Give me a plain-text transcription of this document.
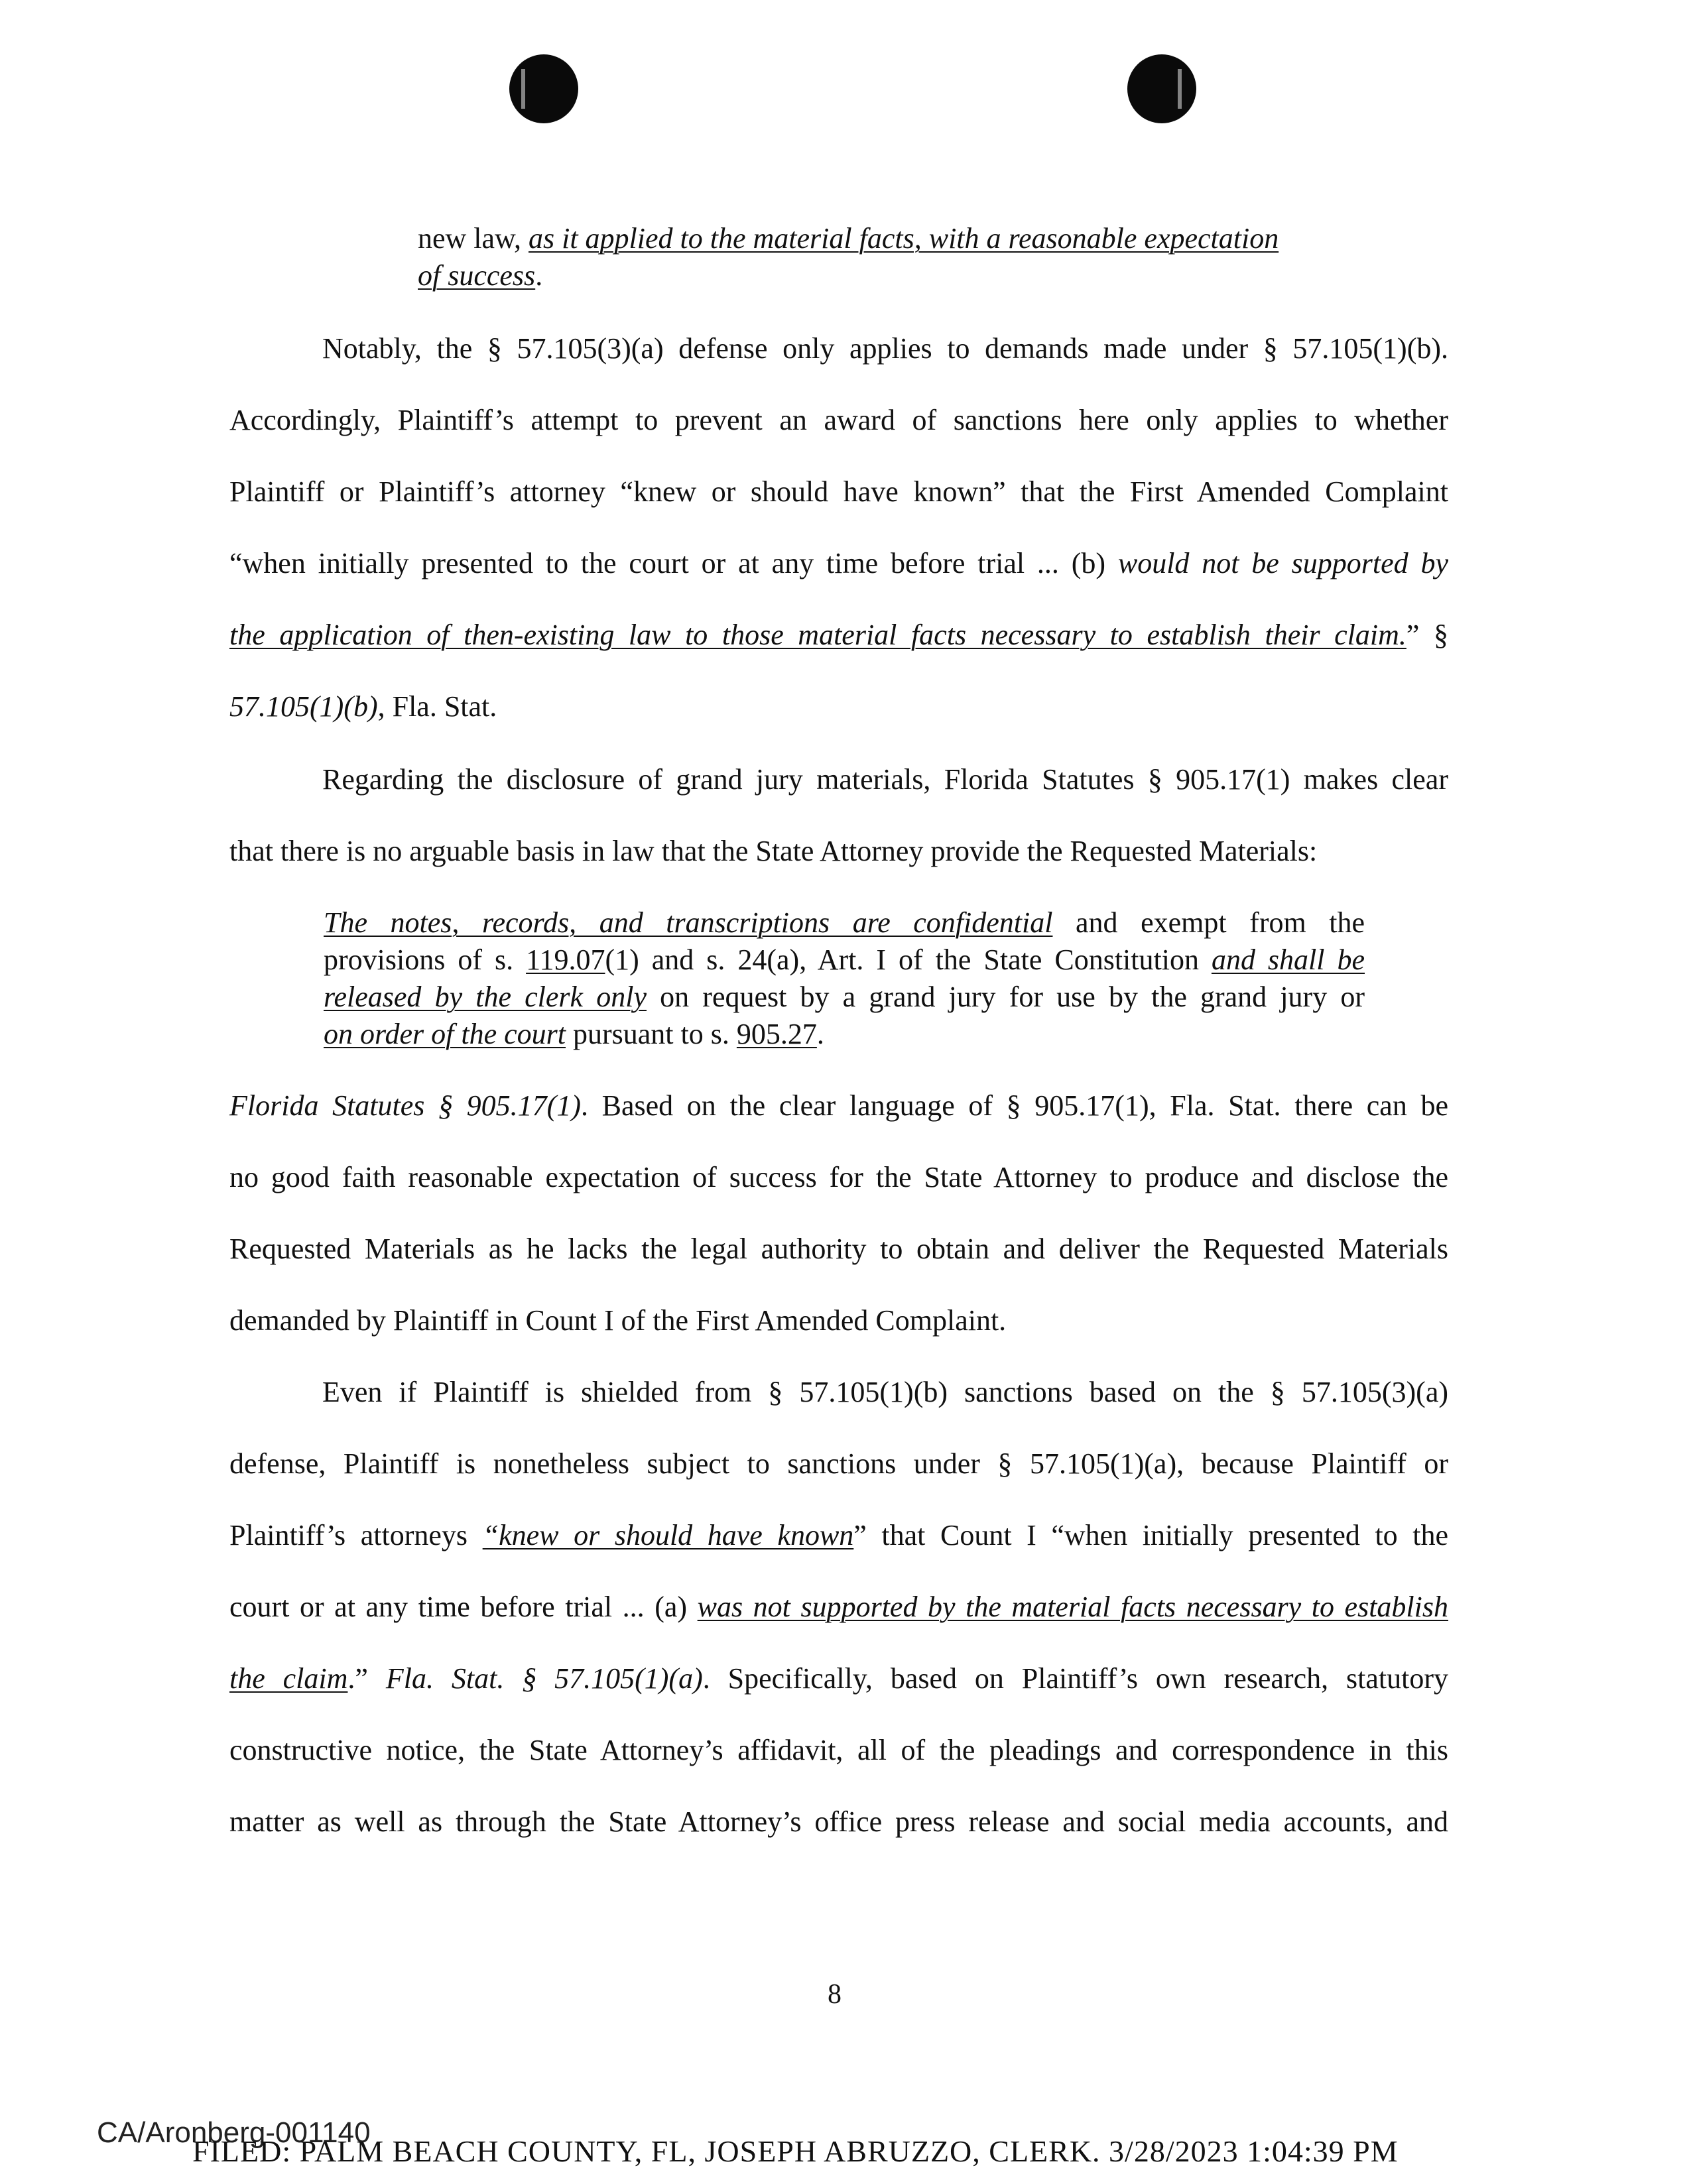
new law, as it applied to the material facts, with a reasonable expectation
of success.
Notably, the § 57.105(3)(a) defense only applies to demands made under § 57.105(1)(b).
Accordingly, Plaintiff’s attempt to prevent an award of sanctions here only applies to whether
Plaintiff or Plaintiff’s attorney “knew or should have known” that the First Amended Complaint
“when initially presented to the court or at any time before trial ... (b) would not be supported by
the application of then-existing law to those material facts necessary to establish their claim.” §
57.105(1)(b), Fla. Stat.
Regarding the disclosure of grand jury materials, Florida Statutes § 905.17(1) makes clear
that there is no arguable basis in law that the State Attorney provide the Requested Materials:
The notes, records, and transcriptions are confidential and exempt from the
provisions of s. 119.07(1) and s. 24(a), Art. I of the State Constitution and shall be
released by the clerk only on request by a grand jury for use by the grand jury or
on order of the court pursuant to s. 905.27.
Florida Statutes § 905.17(1). Based on the clear language of § 905.17(1), Fla. Stat. there can be
no good faith reasonable expectation of success for the State Attorney to produce and disclose the
Requested Materials as he lacks the legal authority to obtain and deliver the Requested Materials
demanded by Plaintiff in Count I of the First Amended Complaint.
Even if Plaintiff is shielded from § 57.105(1)(b) sanctions based on the § 57.105(3)(a)
defense, Plaintiff is nonetheless subject to sanctions under § 57.105(1)(a), because Plaintiff or
Plaintiff’s attorneys “knew or should have known” that Count I “when initially presented to the
court or at any time before trial ... (a) was not supported by the material facts necessary to establish
the claim.” Fla. Stat. § 57.105(1)(a). Specifically, based on Plaintiff’s own research, statutory
constructive notice, the State Attorney’s affidavit, all of the pleadings and correspondence in this
matter as well as through the State Attorney’s office press release and social media accounts, and
8
CA/Aronberg-001140
FILED: PALM BEACH COUNTY, FL, JOSEPH ABRUZZO, CLERK. 3/28/2023 1:04:39 PM
